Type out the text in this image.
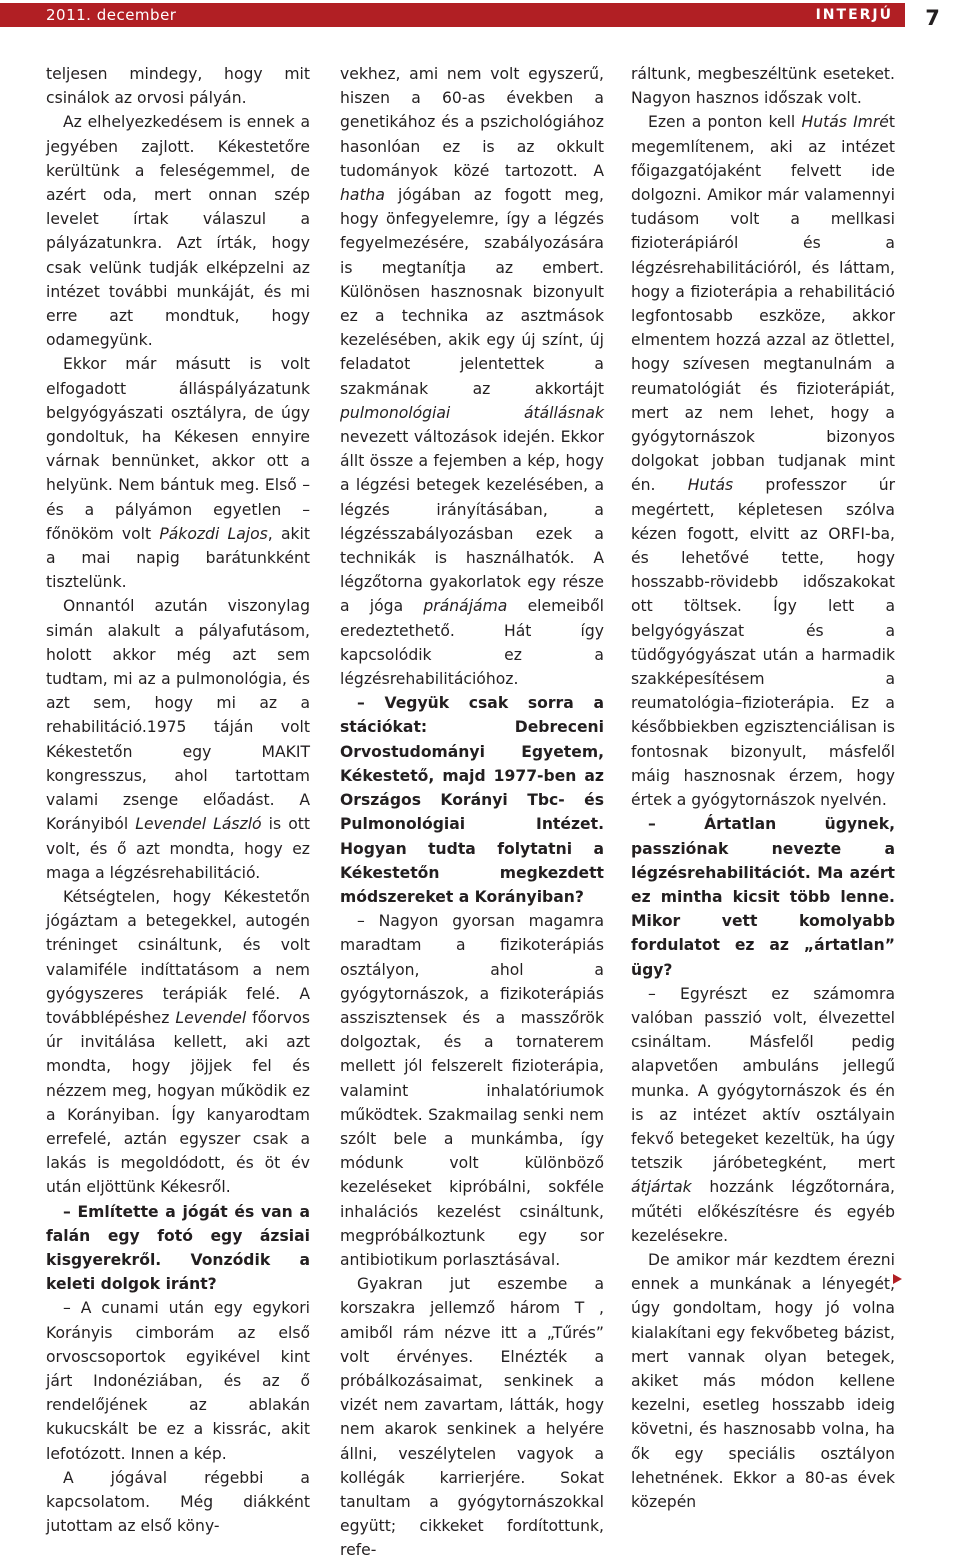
2011. december	INTERJÚ	7

teljesen mindegy, hogy mit csinálok az orvosi pályán.

Az elhelyezkedésem is ennek a jegyében zajlott. Kékestetőre kerültünk a feleségemmel, de azért oda, mert onnan szép levelet írtak válaszul a pályázatunkra. Azt írták, hogy csak velünk tudják elképzelni az intézet további munkáját, és mi erre azt mondtuk, hogy odamegyünk.

Ekkor már másutt is volt elfogadott álláspályázatunk belgyógyászati osztályra, de úgy gondoltuk, ha Kékesen ennyire várnak bennünket, akkor ott a helyünk. Nem bántuk meg. Első – és a pályámon egyetlen – főnököm volt Pákozdi Lajos, akit a mai napig barátunkként tisztelünk.

Onnantól azután viszonylag simán alakult a pályafutásom, holott akkor még azt sem tudtam, mi az a pulmonológia, és azt sem, hogy mi az a rehabilitáció.1975 táján volt Kékestetőn egy MAKIT kongresszus, ahol tartottam valami zsenge előadást. A Korányiból Levendel László is ott volt, és ő azt mondta, hogy ez maga a légzésrehabilitáció.

Kétségtelen, hogy Kékestetőn jógáztam a betegekkel, autogén tréninget csináltunk, és volt valamiféle indíttatásom a nem gyógyszeres terápiák felé. A továbblépéshez Levendel főorvos úr invitálása kellett, aki azt mondta, hogy jöjjek fel és nézzem meg, hogyan működik ez a Korányiban. Így kanyarodtam errefelé, aztán egyszer csak a lakás is megoldódott, és öt év után eljöttünk Kékesről.

– Említette a jógát és van a falán egy fotó egy ázsiai kisgyerekről. Vonzódik a keleti dolgok iránt?

– A cunami után egy egykori Korányis cimborám az első orvoscsoportok egyikével kint járt Indonéziában, és az ő rendelőjének az ablakán kukucskált be ez a kissrác, akit lefotózott. Innen a kép.

A jógával régebbi a kapcsolatom. Még diákként jutottam az első köny-

vekhez, ami nem volt egyszerű, hiszen a 60-as években a genetikához és a pszichológiához hasonlóan ez is az okkult tudományok közé tartozott. A hatha jógában az fogott meg, hogy önfegyelemre, így a légzés fegyelmezésére, szabályozására is megtanítja az embert. Különösen hasznosnak bizonyult ez a technika az asztmások kezelésében, akik egy új színt, új feladatot jelentettek a szakmának az akkortájt pulmonológiai átállásnak nevezett változások idején. Ekkor állt össze a fejemben a kép, hogy a légzési betegek kezelésében, a légzés irányításában, a légzésszabályozásban ezek a technikák is használhatók. A légzőtorna gyakorlatok egy része a jóga pránájáma elemeiből eredeztethető. Hát így kapcsolódik ez a légzésrehabilitációhoz.

– Vegyük csak sorra a stációkat: Debreceni Orvostudományi Egyetem, Kékestető, majd 1977-ben az Országos Korányi Tbc- és Pulmonológiai Intézet. Hogyan tudta folytatni a Kékestetőn megkezdett módszereket a Korányiban?

– Nagyon gyorsan magamra maradtam a fizikoterápiás osztályon, ahol a gyógytornászok, a fizikoterápiás asszisztensek és a masszőrök dolgoztak, és a tornaterem mellett jól felszerelt fizioterápia, valamint inhalatóriumok működtek. Szakmailag senki nem szólt bele a munkámba, így módunk volt különböző kezeléseket kipróbálni, sokféle inhalációs kezelést csináltunk, megpróbálkoztunk egy sor antibiotikum porlasztásával.

Gyakran jut eszembe a korszakra jellemző három T , amiből rám nézve itt a „Tűrés” volt érvényes. Elnézték a próbálkozásaimat, senkinek a vizét nem zavartam, látták, hogy nem akarok senkinek a helyére állni, veszélytelen vagyok a kollégák karrierjére. Sokat tanultam a gyógytornászokkal együtt; cikkeket fordítottunk, refe-

ráltunk, megbeszéltünk eseteket. Nagyon hasznos időszak volt.

Ezen a ponton kell Hutás Imrét megemlítenem, aki az intézet főigazgatójaként felvett ide dolgozni. Amikor már valamennyi tudásom volt a mellkasi fizioterápiáról és a légzésrehabilitációról, és láttam, hogy a fizioterápia a rehabilitáció legfontosabb eszköze, akkor elmentem hozzá azzal az ötlettel, hogy szívesen megtanulnám a reumatológiát és fizioterápiát, mert az nem lehet, hogy a gyógytornászok bizonyos dolgokat jobban tudjanak mint én. Hutás professzor úr megértett, képletesen szólva kézen fogott, elvitt az ORFI-ba, és lehetővé tette, hogy hosszabb-rövidebb időszakokat ott töltsek. Így lett a belgyógyászat és a tüdőgyógyászat után a harmadik szakképesítésem a reumatológia–fizioterápia. Ez a későbbiekben egzisztenciálisan is fontosnak bizonyult, másfelől máig hasznosnak érzem, hogy értek a gyógytornászok nyelvén.

– Ártatlan ügynek, passziónak nevezte a légzésrehabilitációt. Ma azért ez mintha kicsit több lenne. Mikor vett komolyabb fordulatot ez az „ártatlan” ügy?

– Egyrészt ez számomra valóban passzió volt, élvezettel csináltam. Másfelől pedig alapvetően ambuláns jellegű munka. A gyógytornászok és én is az intézet aktív osztályain fekvő betegeket kezeltük, ha úgy tetszik járóbetegként, mert átjártak hozzánk légzőtornára, műtéti előkészítésre és egyéb kezelésekre.

De amikor már kezdtem érezni ennek a munkának a lényegét, úgy gondoltam, hogy jó volna kialakítani egy fekvőbeteg bázist, mert vannak olyan betegek, akiket más módon kellene kezelni, esetleg hosszabb ideig követni, és hasznosabb volna, ha ők egy speciális osztályon lehetnének. Ekkor a 80-as évek közepén
